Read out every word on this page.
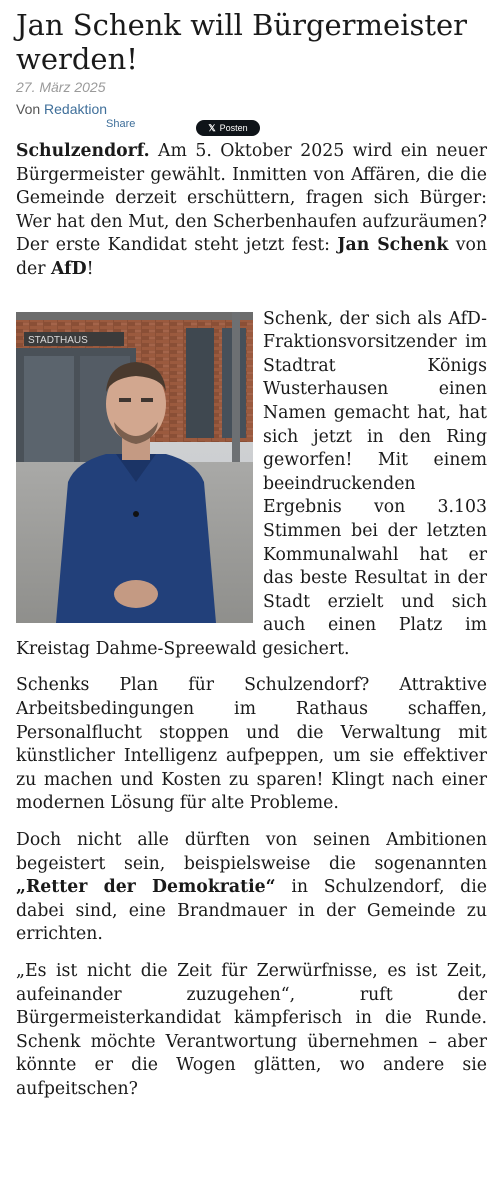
Jan Schenk will Bürgermeister werden!
27. März 2025
Von Redaktion
Share	𝕏 Posten

Schulzendorf. Am 5. Oktober 2025 wird ein neuer Bürgermeister gewählt. Inmitten von Affären, die die Gemeinde derzeit erschüttern, fragen sich Bürger: Wer hat den Mut, den Scherbenhaufen aufzuräumen? Der erste Kandidat steht jetzt fest: Jan Schenk von der AfD!

STADTHAUS

Schenk, der sich als AfD-Fraktionsvorsitzender im Stadtrat Königs Wusterhausen einen Namen gemacht hat, hat sich jetzt in den Ring geworfen! Mit einem beeindruckenden Ergebnis von 3.103 Stimmen bei der letzten Kommunalwahl hat er das beste Resultat in der Stadt erzielt und sich auch einen Platz im Kreistag Dahme-Spreewald gesichert.

Schenks Plan für Schulzendorf? Attraktive Arbeitsbedingungen im Rathaus schaffen, Personalflucht stoppen und die Verwaltung mit künstlicher Intelligenz aufpeppen, um sie effektiver zu machen und Kosten zu sparen! Klingt nach einer modernen Lösung für alte Probleme.

Doch nicht alle dürften von seinen Ambitionen begeistert sein, beispielsweise die sogenannten „Retter der Demokratie“ in Schulzendorf, die dabei sind, eine Brandmauer in der Gemeinde zu errichten.

„Es ist nicht die Zeit für Zerwürfnisse, es ist Zeit, aufeinander zuzugehen“, ruft der Bürgermeisterkandidat kämpferisch in die Runde. Schenk möchte Verantwortung übernehmen – aber könnte er die Wogen glätten, wo andere sie aufpeitschen?
